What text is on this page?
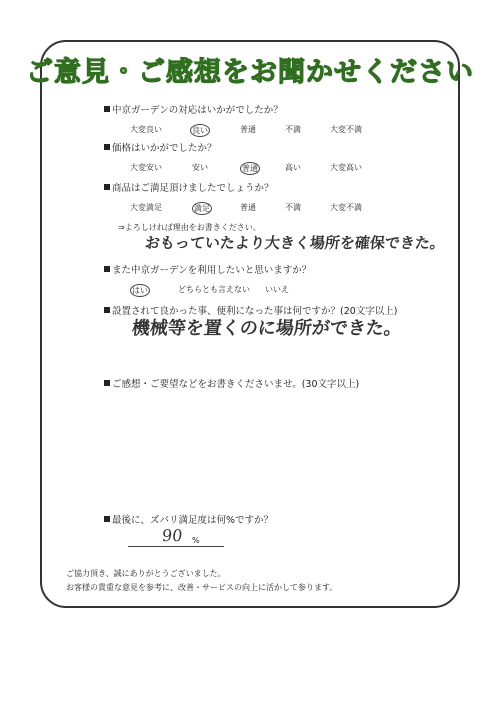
ご意見・ご感想をお聞かせください
中京ガーデンの対応はいかがでしたか？
大変良い	良い	普通	不満	大変不満
価格はいかがでしたか？
大変安い	安い	普通	高い	大変高い
商品はご満足頂けましたでしょうか？
大変満足	満足	普通	不満	大変不満
⇒よろしければ理由をお書きください。
おもっていたより大きく場所を確保できた。
また中京ガーデンを利用したいと思いますか？
はい	どちらとも言えない いいえ
設置されて良かった事、便利になった事は何ですか？(20文字以上)
機械等を置くのに場所ができた。
ご感想・ご要望などをお書きくださいませ。(30文字以上)
最後に、ズバリ満足度は何%ですか？
90 %
ご協力頂き、誠にありがとうございました。
お客様の貴重な意見を参考に、改善・サービスの向上に活かして参ります。
